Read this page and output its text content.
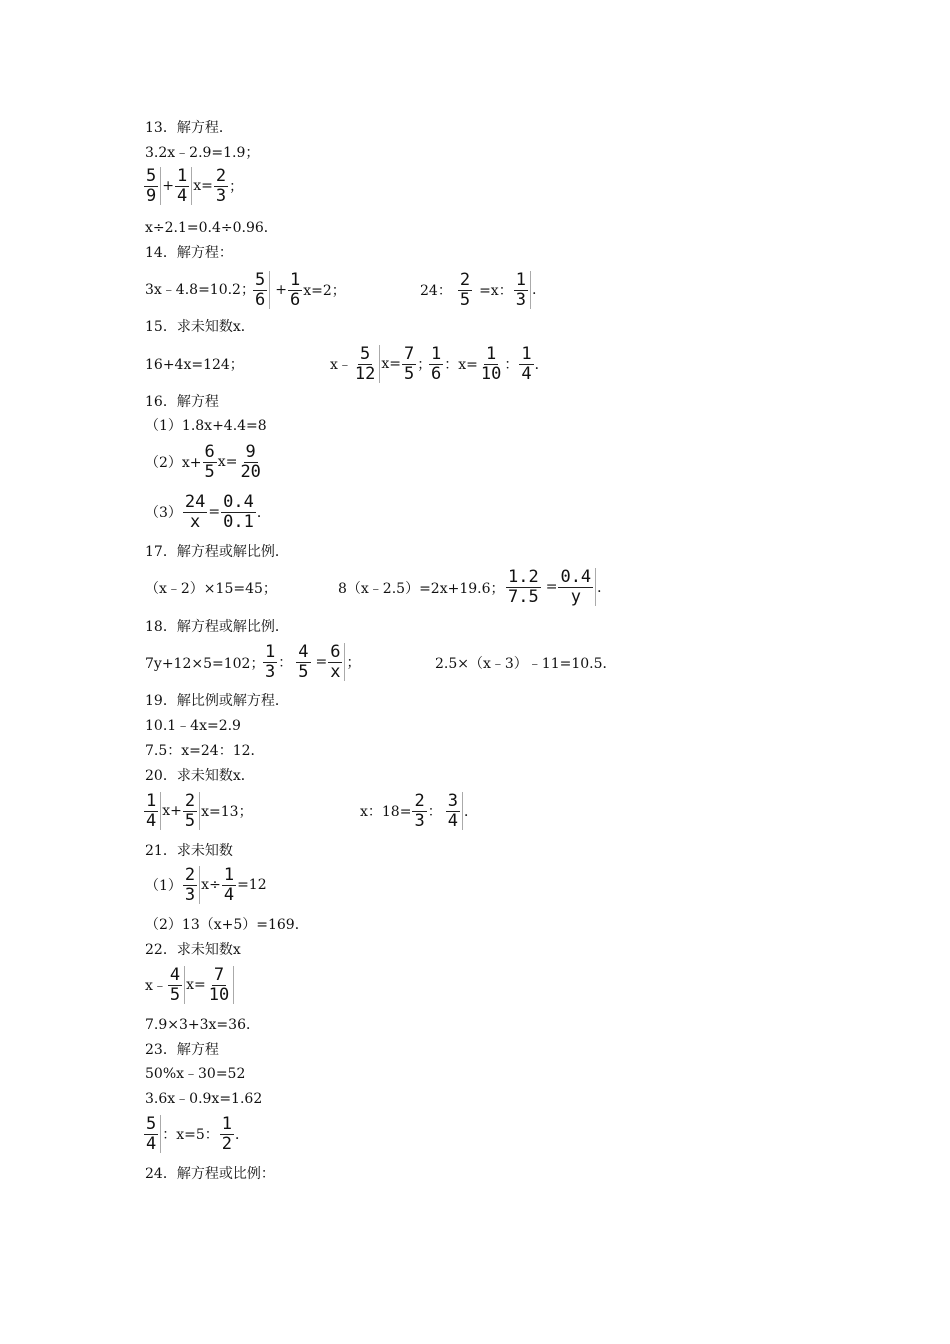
13．解方程．
3.2x﹣2.9=1.9；
$\frac{5}{9} + \frac{1}{4} x= \frac{2}{3}$ ；
x÷2.1=0.4÷0.96．
14．解方程：
3x﹣4.8=10.2；
$\frac{5}{6} + \frac{1}{6} x=2$；	24： $\frac{2}{5} =x$： $\frac{1}{3}$ .
15．求未知数x．
16+4x=124；	x﹣ $\frac{5}{12} x= \frac{7}{5}$ ；
$\frac{1}{6}$ ：$x= \frac{1}{10}$ ： $\frac{1}{4}$ ．
16．解方程
（1）1.8x+4.4=8
$(2)x+ \frac{6}{5} x= \frac{9}{20}$
$(3) \frac{24}{x} = \frac{0.4}{0.1}$ ．
17．解方程或解比例．
（x﹣2）×15=45；	8（x﹣2.5）=2x+19.6； $\frac{1.2}{7.5} = \frac{0.4}{y}$ ．
18．解方程或解比例．
7y+12×5=102；
$\frac{1}{3}$ ： $\frac{4}{5} = \frac{6}{x}$ ；	2.5×（x﹣3）﹣11=10.5．
19．解比例或解方程．
10.1﹣4x=2.9
7.5：x=24：12．
20．求未知数x．
$\frac{1}{4} x+ \frac{2}{5} x=13$；	x：$18= \frac{2}{3}$ ： $\frac{3}{4}$ ．
21．求未知数
$(1) \frac{2}{3} x\div \frac{1}{4} =12$
（2）13（x+5）=169．
22．求未知数x
x﹣ $\frac{4}{5} x= \frac{7}{10}$
7.9×3+3x=36．
23．解方程
50%x﹣30=52
3.6x﹣0.9x=1.62
$\frac{5}{4}$ ：x=5： $\frac{1}{2}$ ．
24．解方程或比例：
